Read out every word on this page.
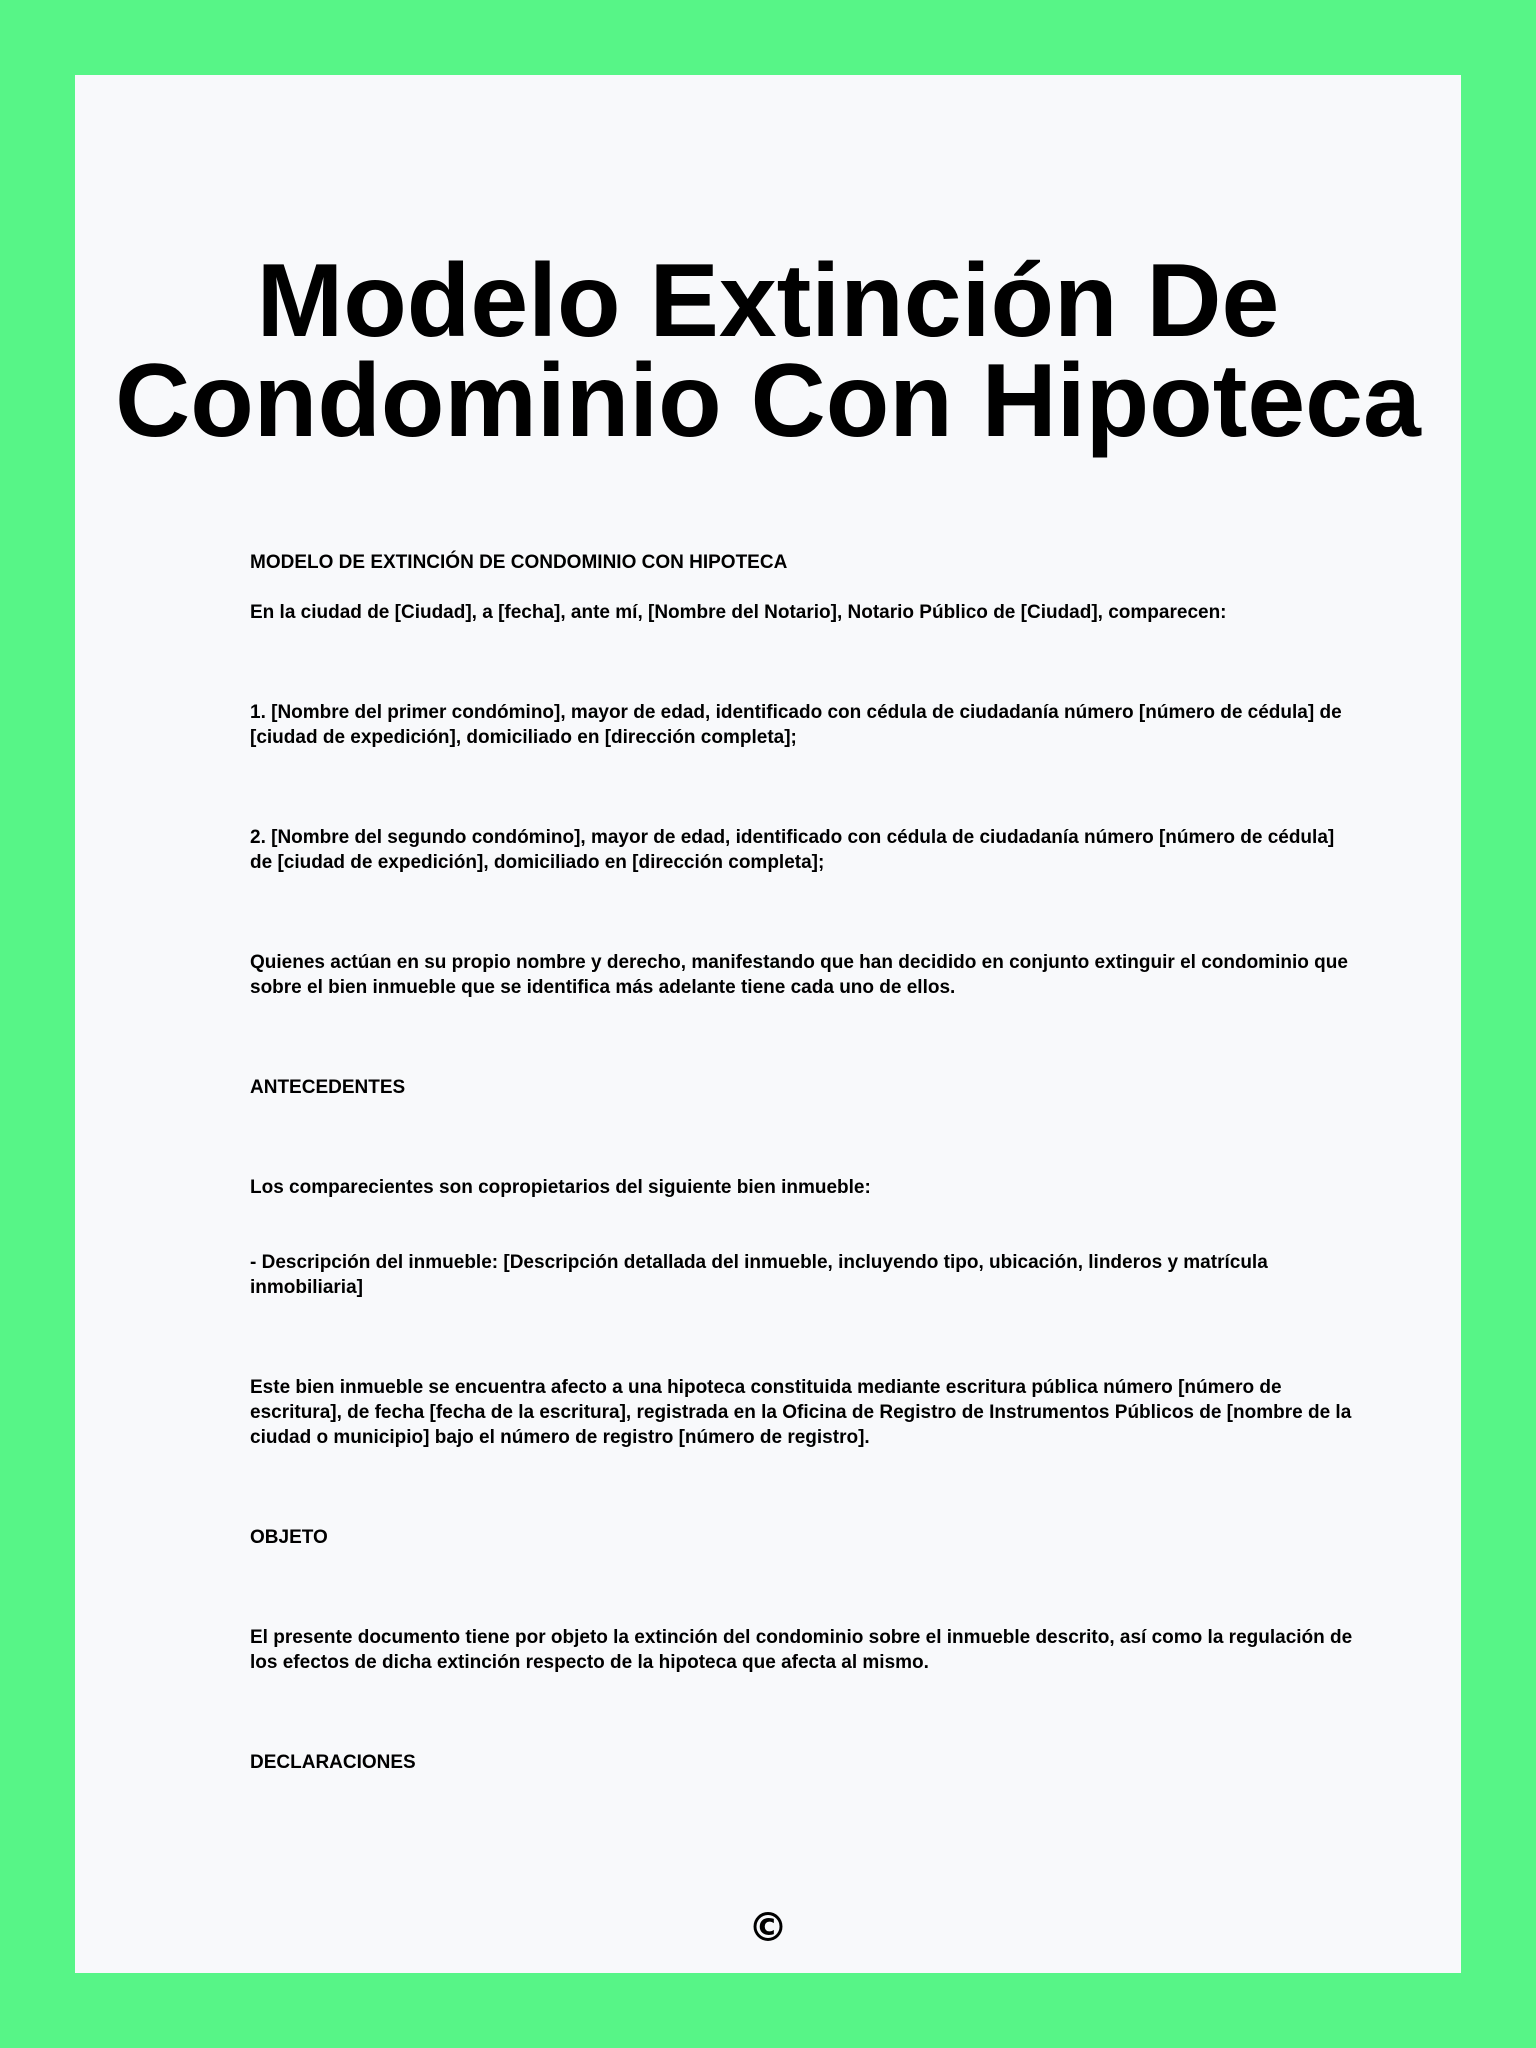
Modelo Extinción De
Condominio Con Hipoteca

MODELO DE EXTINCIÓN DE CONDOMINIO CON HIPOTECA

En la ciudad de [Ciudad], a [fecha], ante mí, [Nombre del Notario], Notario Público de [Ciudad], comparecen:

1. [Nombre del primer condómino], mayor de edad, identificado con cédula de ciudadanía número [número de cédula] de [ciudad de expedición], domiciliado en [dirección completa];

2. [Nombre del segundo condómino], mayor de edad, identificado con cédula de ciudadanía número [número de cédula] de [ciudad de expedición], domiciliado en [dirección completa];

Quienes actúan en su propio nombre y derecho, manifestando que han decidido en conjunto extinguir el condominio que sobre el bien inmueble que se identifica más adelante tiene cada uno de ellos.

ANTECEDENTES

Los comparecientes son copropietarios del siguiente bien inmueble:

- Descripción del inmueble: [Descripción detallada del inmueble, incluyendo tipo, ubicación, linderos y matrícula inmobiliaria]

Este bien inmueble se encuentra afecto a una hipoteca constituida mediante escritura pública número [número de escritura], de fecha [fecha de la escritura], registrada en la Oficina de Registro de Instrumentos Públicos de [nombre de la ciudad o municipio] bajo el número de registro [número de registro].

OBJETO

El presente documento tiene por objeto la extinción del condominio sobre el inmueble descrito, así como la regulación de los efectos de dicha extinción respecto de la hipoteca que afecta al mismo.

DECLARACIONES

©
